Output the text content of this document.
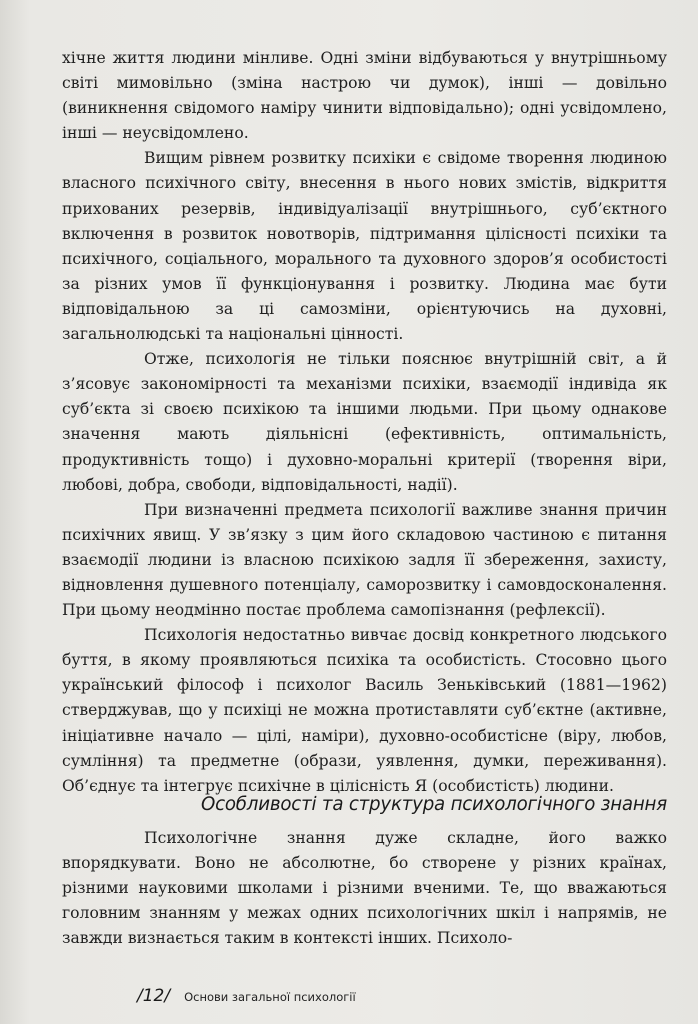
хічне життя людини мінливе. Одні зміни відбуваються у внутрішньому світі мимовільно (зміна настрою чи думок), інші — довільно (виникнення свідомого наміру чинити відповідально); одні усвідомлено, інші — неусвідомлено.

Вищим рівнем розвитку психіки є свідоме творення людиною власного психічного світу, внесення в нього нових змістів, відкриття прихованих резервів, індивідуалізації внутрішнього, суб’єктного включення в розвиток новотворів, підтримання цілісності психіки та психічного, соціального, морального та духовного здоров’я особистості за різних умов її функціонування і розвитку. Людина має бути відповідальною за ці самозміни, орієнтуючись на духовні, загальнолюдські та національні цінності.

Отже, психологія не тільки пояснює внутрішній світ, а й з’ясовує закономірності та механізми психіки, взаємодії індивіда як суб’єкта зі своєю психікою та іншими людьми. При цьому однакове значення мають діяльнісні (ефективність, оптимальність, продуктивність тощо) і духовно-моральні критерії (творення віри, любові, добра, свободи, відповідальності, надії).

При визначенні предмета психології важливе знання причин психічних явищ. У зв’язку з цим його складовою частиною є питання взаємодії людини із власною психікою задля її збереження, захисту, відновлення душевного потенціалу, саморозвитку і самовдосконалення. При цьому неодмінно постає проблема самопізнання (рефлексії).

Психологія недостатньо вивчає досвід конкретного людського буття, в якому проявляються психіка та особистість. Стосовно цього український філософ і психолог Василь Зеньківський (1881—1962) стверджував, що у психіці не можна протиставляти суб’єктне (активне, ініціативне начало — цілі, наміри), духовно-особистісне (віру, любов, сумління) та предметне (образи, уявлення, думки, переживання). Об’єднує та інтегрує психічне в цілісність Я (особистість) людини.

Особливості та структура психологічного знання

Психологічне знання дуже складне, його важко впорядкувати. Воно не абсолютне, бо створене у різних країнах, різними науковими школами і різними вченими. Те, що вважаються головним знанням у межах одних психологічних шкіл і напрямів, не завжди визнається таким в контексті інших. Психоло-

/12/ Основи загальної психології
